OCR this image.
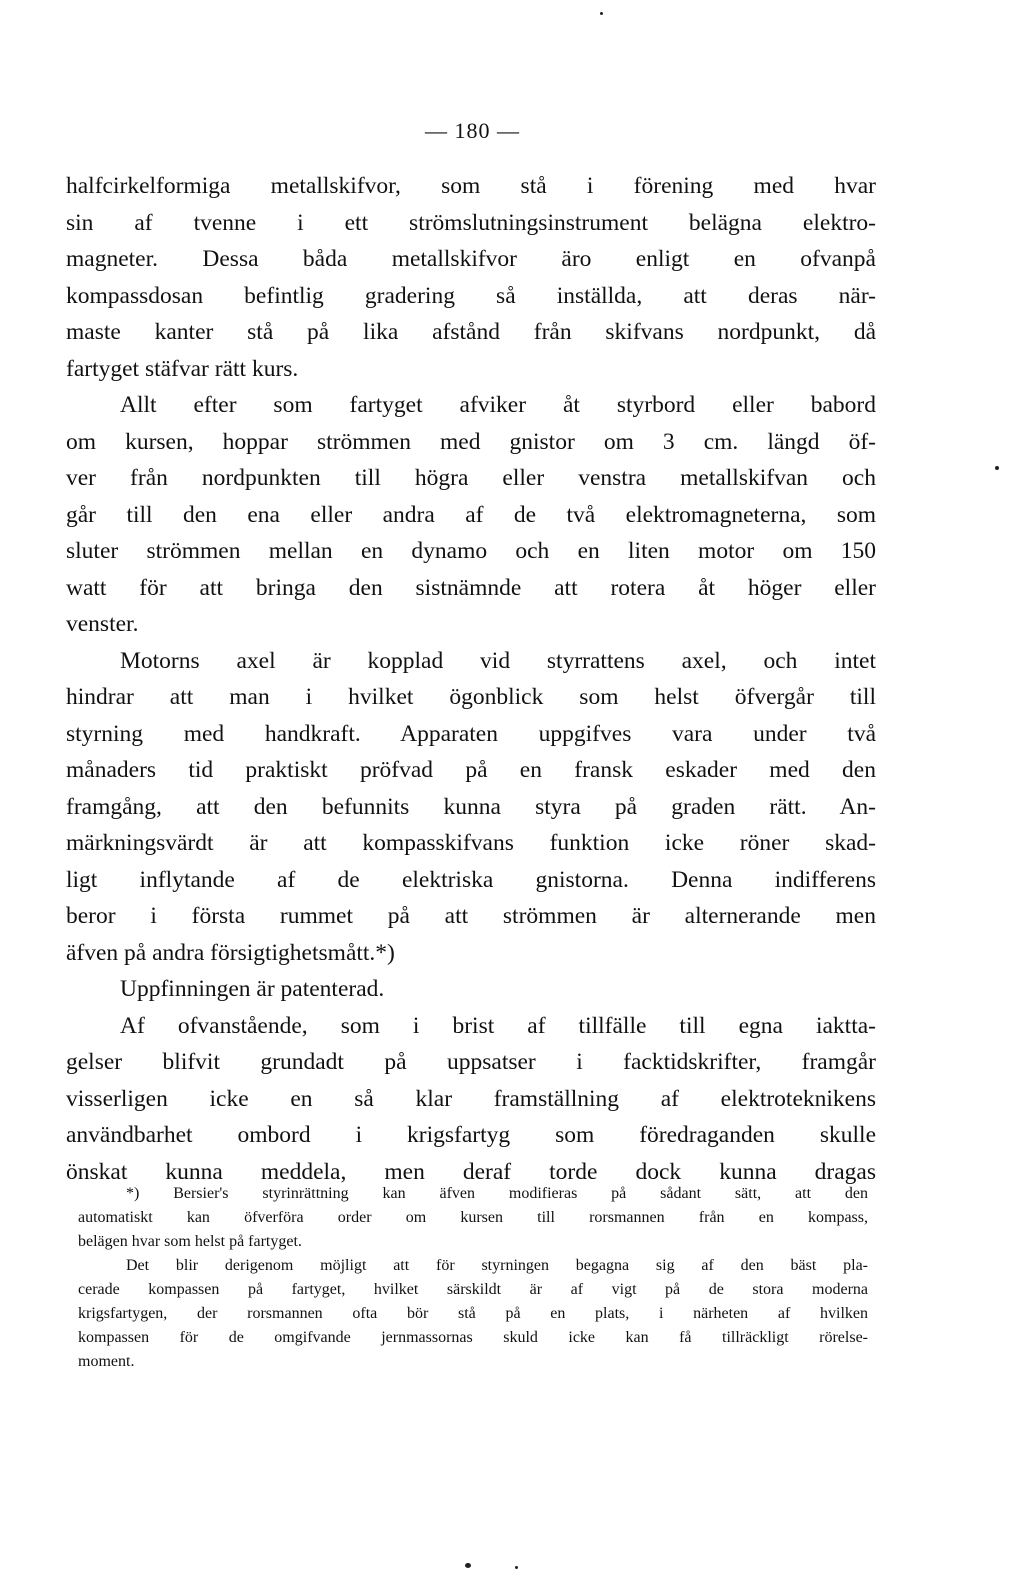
— 180 —
halfcirkelformiga metallskifvor, som stå i förening med hvar
sin af tvenne i ett strömslutningsinstrument belägna elektro-
magneter. Dessa båda metallskifvor äro enligt en ofvanpå
kompassdosan befintlig gradering så inställda, att deras när-
maste kanter stå på lika afstånd från skifvans nordpunkt, då
fartyget stäfvar rätt kurs.
Allt efter som fartyget afviker åt styrbord eller babord
om kursen, hoppar strömmen med gnistor om 3 cm. längd öf-
ver från nordpunkten till högra eller venstra metallskifvan och
går till den ena eller andra af de två elektromagneterna, som
sluter strömmen mellan en dynamo och en liten motor om 150
watt för att bringa den sistnämnde att rotera åt höger eller
venster.
Motorns axel är kopplad vid styrrattens axel, och intet
hindrar att man i hvilket ögonblick som helst öfvergår till
styrning med handkraft. Apparaten uppgifves vara under två
månaders tid praktiskt pröfvad på en fransk eskader med den
framgång, att den befunnits kunna styra på graden rätt. An-
märkningsvärdt är att kompasskifvans funktion icke röner skad-
ligt inflytande af de elektriska gnistorna. Denna indifferens
beror i första rummet på att strömmen är alternerande men
äfven på andra försigtighetsmått.*)
Uppfinningen är patenterad.
Af ofvanstående, som i brist af tillfälle till egna iaktta-
gelser blifvit grundadt på uppsatser i facktidskrifter, framgår
visserligen icke en så klar framställning af elektroteknikens
användbarhet ombord i krigsfartyg som föredraganden skulle
önskat kunna meddela, men deraf torde dock kunna dragas
*) Bersier's styrinrättning kan äfven modifieras på sådant sätt, att den
automatiskt kan öfverföra order om kursen till rorsmannen från en kompass,
belägen hvar som helst på fartyget.
Det blir derigenom möjligt att för styrningen begagna sig af den bäst pla-
cerade kompassen på fartyget, hvilket särskildt är af vigt på de stora moderna
krigsfartygen, der rorsmannen ofta bör stå på en plats, i närheten af hvilken
kompassen för de omgifvande jernmassornas skuld icke kan få tillräckligt rörelse-
moment.
